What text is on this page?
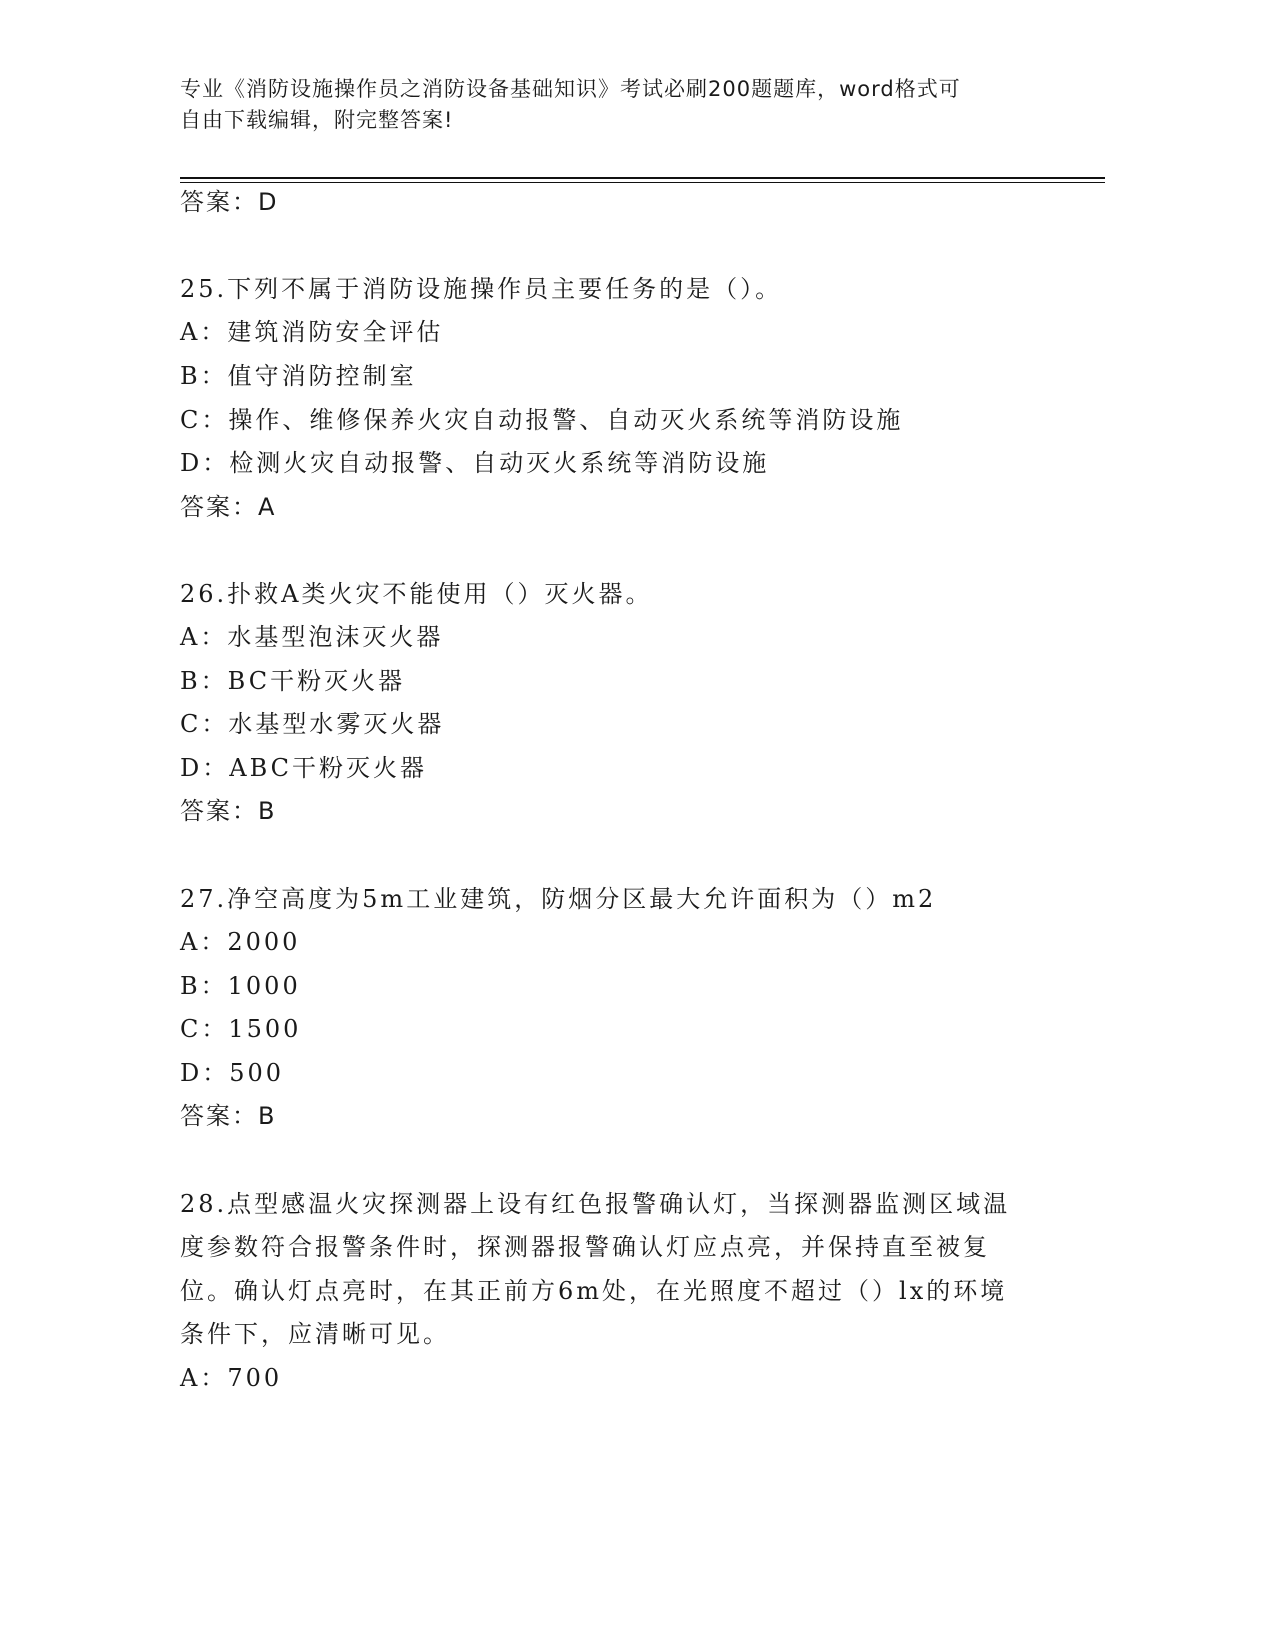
专业《消防设施操作员之消防设备基础知识》考试必刷200题题库，word格式可
自由下载编辑，附完整答案!
答案：D
25.下列不属于消防设施操作员主要任务的是（）。
A：建筑消防安全评估
B：值守消防控制室
C：操作、维修保养火灾自动报警、自动灭火系统等消防设施
D：检测火灾自动报警、自动灭火系统等消防设施
答案：A
26.扑救A类火灾不能使用（）灭火器。
A：水基型泡沫灭火器
B：BC干粉灭火器
C：水基型水雾灭火器
D：ABC干粉灭火器
答案：B
27.净空高度为5m工业建筑，防烟分区最大允许面积为（）m2
A：2000
B：1000
C：1500
D：500
答案：B
28.点型感温火灾探测器上设有红色报警确认灯，当探测器监测区域温
度参数符合报警条件时，探测器报警确认灯应点亮，并保持直至被复
位。确认灯点亮时，在其正前方6m处，在光照度不超过（）lx的环境
条件下，应清晰可见。
A：700
